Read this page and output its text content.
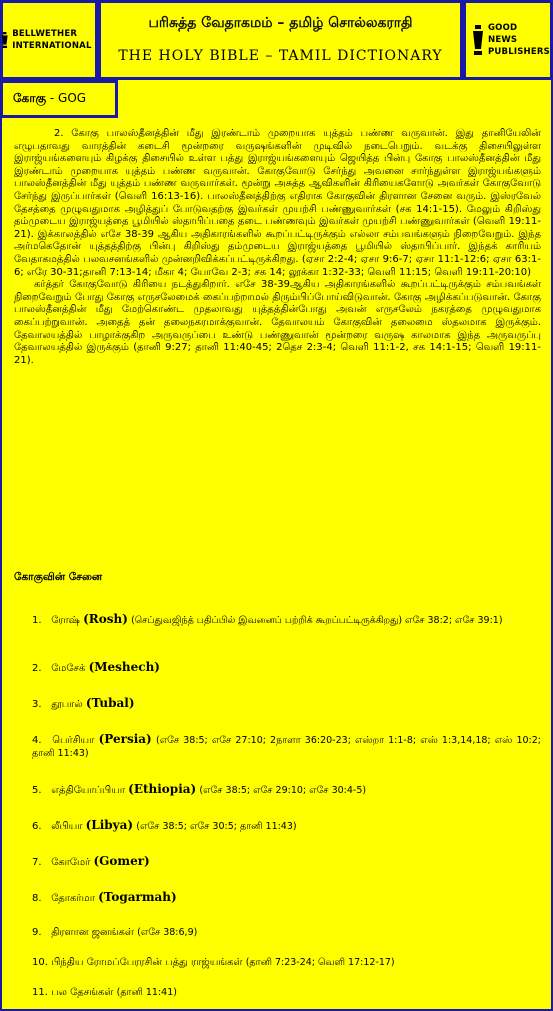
BELLWETHER INTERNATIONAL
பரிசுத்த வேதாகமம் – தமிழ் சொல்லகராதி
THE HOLY BIBLE – TAMIL DICTIONARY
GOOD NEWS PUBLISHERS
கோகு - GOG

2. கோகு பாலஸ்தீனத்தின் மீது இரண்டாம் முறையாக யுத்தம் பண்ண வருவான். இது தானியேலின் எழுபதாவது வாரத்தின் கடைசி மூன்றரை வருஷங்களின் முடிவில் நடைபெறும். வடக்கு திசையிலுள்ள இராஜ்யங்களையும் கிழக்கு திசையில் உள்ள பத்து இராஜ்யங்களையும் ஜெயித்த பின்பு கோகு பாலஸ்தீனத்தின் மீது இரண்டாம் முறையாக யுத்தம் பண்ண வருவான். கோகுவோடு சேர்ந்து அவனை சார்ந்துள்ள இராஜ்யங்களும் பாலஸ்தீனத்தின் மீது யுத்தம் பண்ண வருவார்கள். மூன்று அசுத்த ஆவிகளின் கிரியைகளோடு அவர்கள் கோகுவோடு சேர்ந்து இருப்பார்கள் (வெளி 16:13-16). பாலஸ்தீனத்திற்கு எதிராக கோகுவின் திரளான சேனை வரும். இஸ்ரவேல் தேசத்தை முழுவதுமாக அழித்துப் போடுவதற்கு இவர்கள் முயற்சி பண்ணுவார்கள் (சக 14:1-15). மேலும் கிறிஸ்து தம்முடைய இராஜ்யத்தை பூமியில் ஸ்தாபிப்பதை தடை பண்ணவும் இவர்கள் முயற்சி பண்ணுவார்கள் (வெளி 19:11-21). இக்காலத்தில் எசே 38-39 ஆகிய அதிகாரங்களில் கூறப்பட்டிருக்கும் எல்லா சம்பவங்களும் நிறைவேறும். இந்த அர்மகெதோன் யுத்தத்திற்கு பின்பு கிறிஸ்து தம்முடைய இராஜ்யத்தை பூமியில் ஸ்தாபிப்பார். இந்தக் காரியம் வேதாகமத்தில் பலவசனங்களில் முன்னறிவிக்கப்பட்டிருக்கிறது. (ஏசா 2:2-4; ஏசா 9:6-7; ஏசா 11:1-12:6; ஏசா 63:1-6; எரே 30-31;தானி 7:13-14; மீகா 4; யோவே 2-3; சக 14; லூக்கா 1:32-33; வெளி 11:15; வெளி 19:11-20:10)

கர்த்தர் கோகுவோடு கிரியை நடத்துகிறார். எசே 38-39ஆகிய அதிகாரங்களில் கூறப்பட்டிருக்கும் சம்பவங்கள் நிறைவேறும் போது கோகு எருசலேமைக் கைப்பற்றாமல் திரும்பிப்போய்விடுவான். கோகு அழிக்கப்படுவான். கோகு பாலஸ்தீனத்தின் மீது மேற்கொண்ட முதலாவது யுத்தத்தின்போது அவன் எருசலேம் நகரத்தை முழுவதுமாக கைப்பற்றுவான். அதைத் தன் தலைநகரமாக்குவான். தேவாலயம் கோகுவின் தலைமை ஸ்தலமாக இருக்கும். தேவாலயத்தில் பாழாக்குகிற அருவருப்பை உண்டு பண்ணுவான் மூன்றரை வருஷ காலமாக இந்த அருவருப்பு தேவாலயத்தில் இருக்கும் (தானி 9:27; தானி 11:40-45; 2தெச 2:3-4; வெளி 11:1-2, சக 14:1-15; வெளி 19:11-21).

கோகுவின் சேனை
1. ரோஷ் (Rosh) (செப்துவஜிந்த் பதிப்பில் இவனைப் பற்றிக் கூறப்பட்டிருக்கிறது) எசே 38:2; எசே 39:1)
2. மேசேக் (Meshech)
3. தூபால் (Tubal)
4. பெர்சியா (Persia) (எசே 38:5; எசே 27:10; 2நாளா 36:20-23; எஸ்றா 1:1-8; எஸ் 1:3,14,18; எஸ் 10:2; தானி 11:43)
5. எத்தியோப்பியா (Ethiopia) (எசே 38:5; எசே 29:10; எசே 30:4-5)
6. லீபியா (Libya) (எசே 38:5; எசே 30:5; தானி 11:43)
7. கோமேர் (Gomer)
8. தோகர்மா (Togarmah)
9. திரளான ஜனங்கள் (எசே 38:6,9)
10. பிந்திய ரோமப்பேரரசின் பத்து ராஜ்யங்கள் (தானி 7:23-24; வெளி 17:12-17)
11. பல தேசங்கள் (தானி 11:41)
